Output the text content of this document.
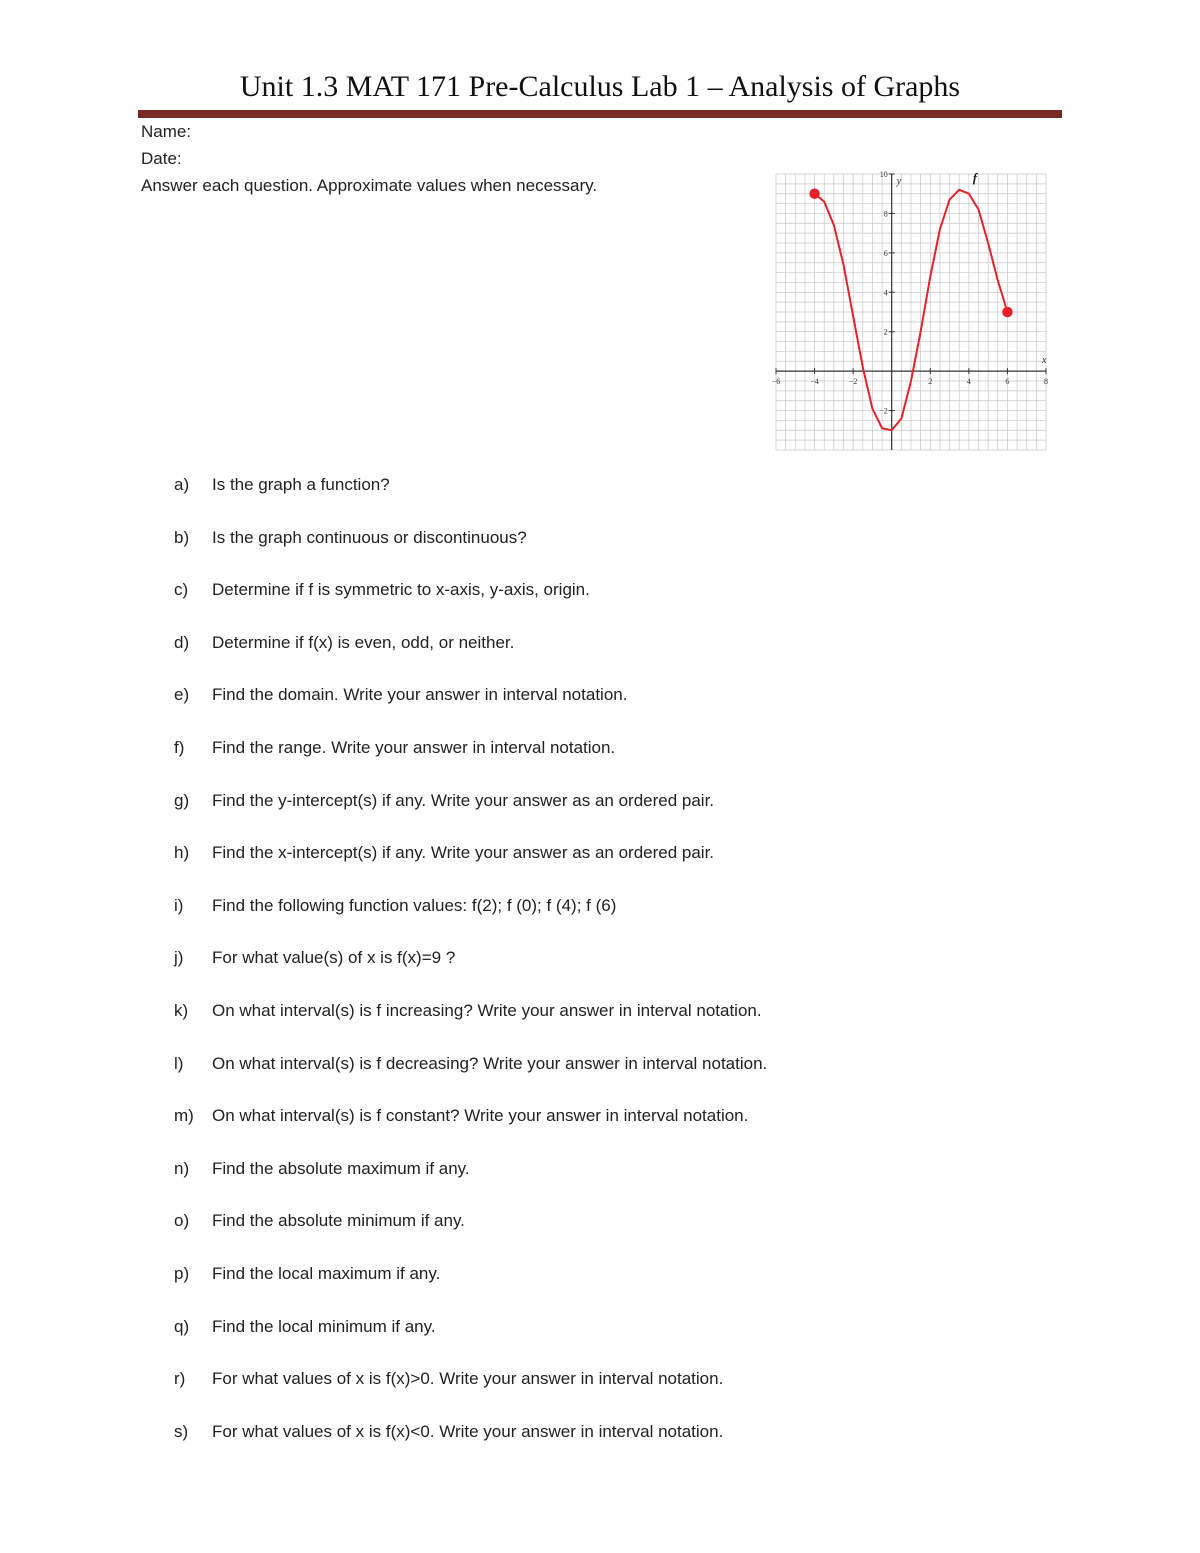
Unit 1.3 MAT 171 Pre-Calculus Lab 1 – Analysis of Graphs
Name:
Date:
Answer each question. Approximate values when necessary.
−6	−4	−2	2	4	6	8
10
8
6
4
2
−2
x
y	f
a)	Is the graph a function?
b)	Is the graph continuous or discontinuous?
c)	Determine if f is symmetric to x-axis, y-axis, origin.
d)	Determine if f(x) is even, odd, or neither.
e)	Find the domain. Write your answer in interval notation.
f)	Find the range. Write your answer in interval notation.
g)	Find the y-intercept(s) if any. Write your answer as an ordered pair.
h)	Find the x-intercept(s) if any. Write your answer as an ordered pair.
i)	Find the following function values: f(2); f (0); f (4); f (6)
j)	For what value(s) of x is f(x)=9 ?
k)	On what interval(s) is f increasing? Write your answer in interval notation.
l)	On what interval(s) is f decreasing? Write your answer in interval notation.
m)	On what interval(s) is f constant? Write your answer in interval notation.
n)	Find the absolute maximum if any.
o)	Find the absolute minimum if any.
p)	Find the local maximum if any.
q)	Find the local minimum if any.
r)	For what values of x is f(x)>0. Write your answer in interval notation.
s)	For what values of x is f(x)<0. Write your answer in interval notation.
